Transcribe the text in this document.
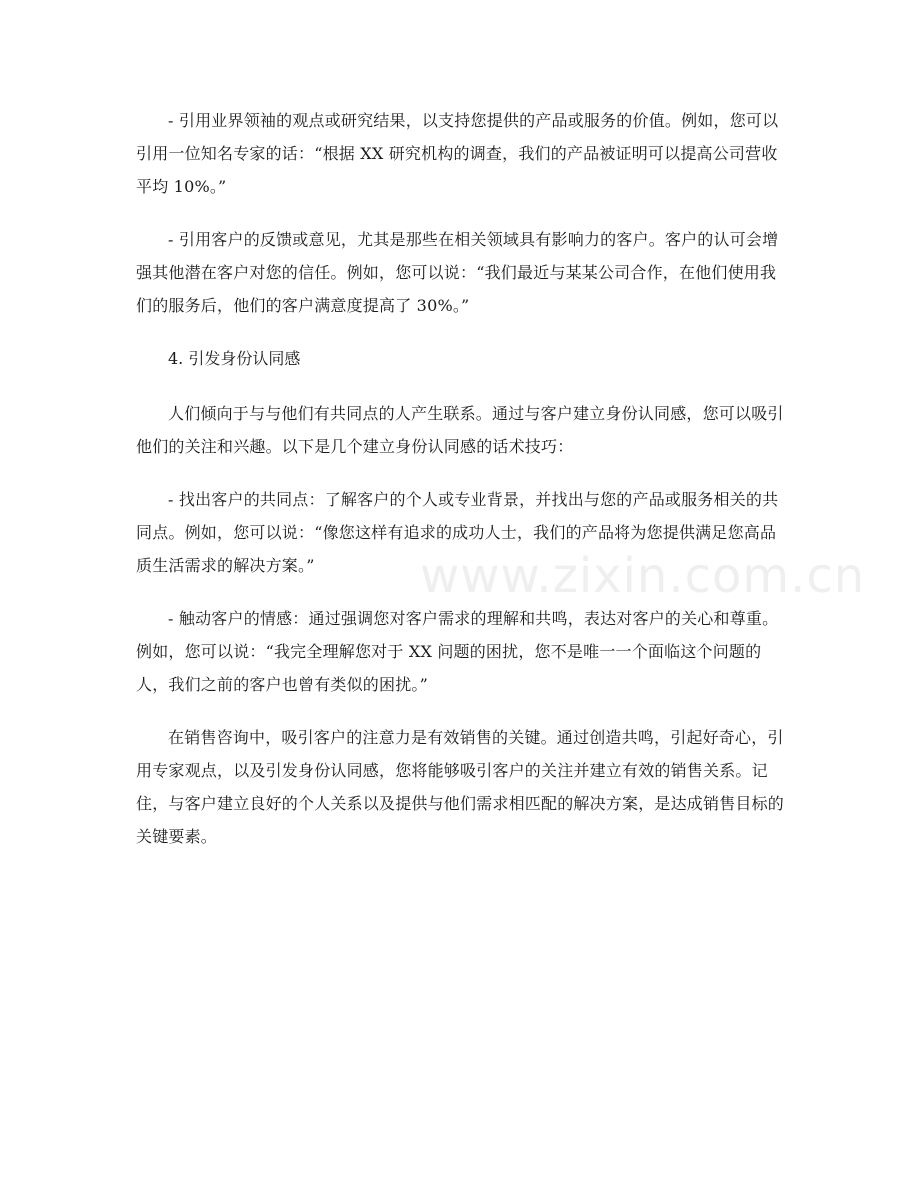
- 引用业界领袖的观点或研究结果，以支持您提供的产品或服务的价值。例如，您可以引用一位知名专家的话：“根据 XX 研究机构的调查，我们的产品被证明可以提高公司营收平均 10%。”

- 引用客户的反馈或意见，尤其是那些在相关领域具有影响力的客户。客户的认可会增强其他潜在客户对您的信任。例如，您可以说：“我们最近与某某公司合作，在他们使用我们的服务后，他们的客户满意度提高了 30%。”

4. 引发身份认同感

人们倾向于与与他们有共同点的人产生联系。通过与客户建立身份认同感，您可以吸引他们的关注和兴趣。以下是几个建立身份认同感的话术技巧：

- 找出客户的共同点：了解客户的个人或专业背景，并找出与您的产品或服务相关的共同点。例如，您可以说：“像您这样有追求的成功人士，我们的产品将为您提供满足您高品质生活需求的解决方案。”

- 触动客户的情感：通过强调您对客户需求的理解和共鸣，表达对客户的关心和尊重。例如，您可以说：“我完全理解您对于 XX 问题的困扰，您不是唯一一个面临这个问题的人，我们之前的客户也曾有类似的困扰。”

在销售咨询中，吸引客户的注意力是有效销售的关键。通过创造共鸣，引起好奇心，引用专家观点，以及引发身份认同感，您将能够吸引客户的关注并建立有效的销售关系。记住，与客户建立良好的个人关系以及提供与他们需求相匹配的解决方案，是达成销售目标的关键要素。

www.zixin.com.cn
